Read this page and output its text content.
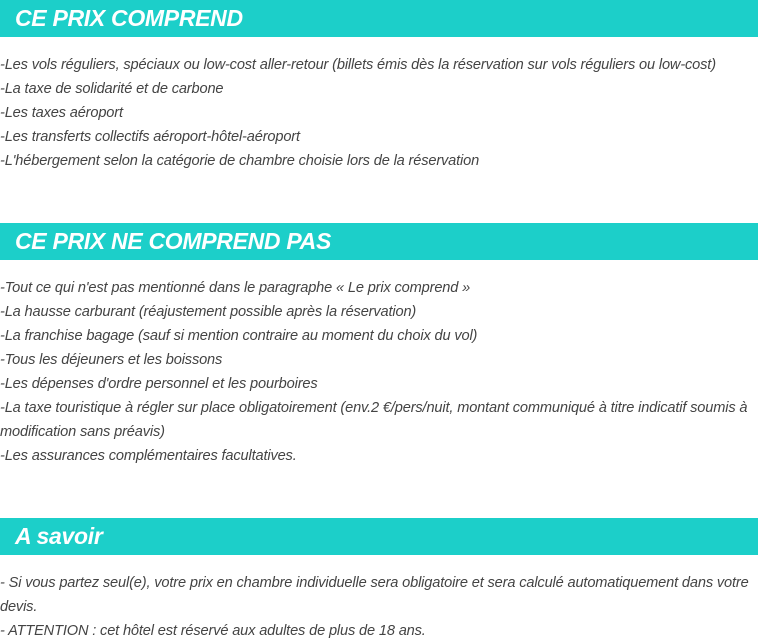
CE PRIX COMPREND
-Les vols réguliers, spéciaux ou low-cost aller-retour (billets émis dès la réservation sur vols réguliers ou low-cost)
-La taxe de solidarité et de carbone
-Les taxes aéroport
-Les transferts collectifs aéroport-hôtel-aéroport
-L'hébergement selon la catégorie de chambre choisie lors de la réservation
CE PRIX NE COMPREND PAS
-Tout ce qui n'est pas mentionné dans le paragraphe « Le prix comprend »
-La hausse carburant (réajustement possible après la réservation)
-La franchise bagage (sauf si mention contraire au moment du choix du vol)
-Tous les déjeuners et les boissons
-Les dépenses d'ordre personnel et les pourboires
-La taxe touristique à régler sur place obligatoirement (env.2 €/pers/nuit, montant communiqué à titre indicatif soumis à modification sans préavis)
-Les assurances complémentaires facultatives.
A savoir
- Si vous partez seul(e), votre prix en chambre individuelle sera obligatoire et sera calculé automatiquement dans votre devis.
- ATTENTION : cet hôtel est réservé aux adultes de plus de 18 ans.
